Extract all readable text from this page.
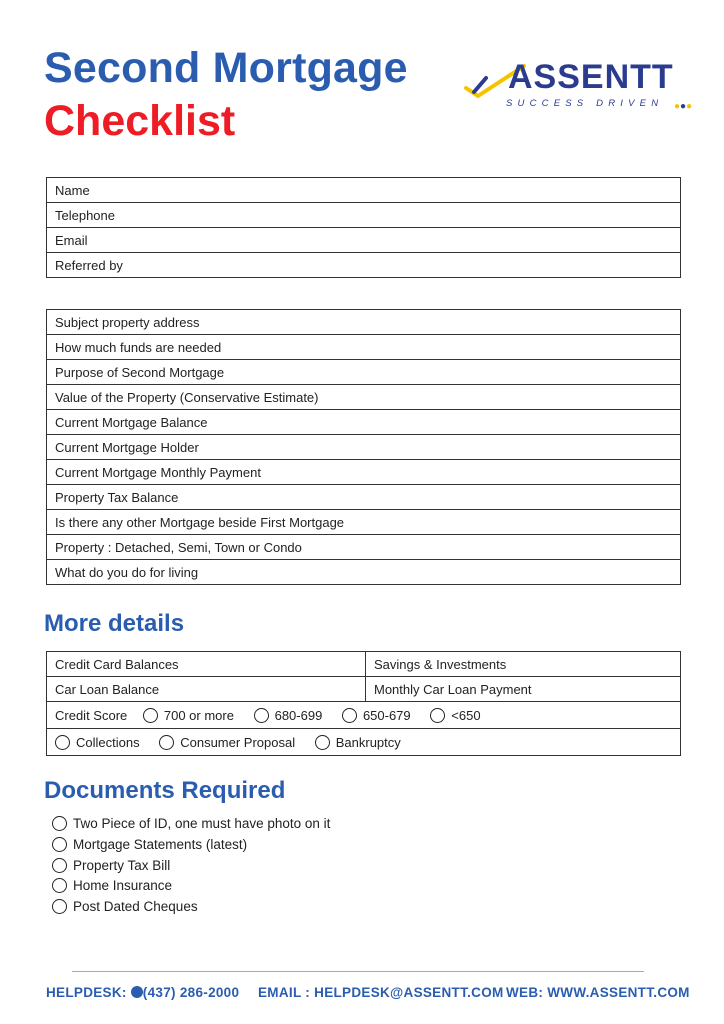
Second Mortgage
Checklist
ASSENTT
SUCCESS DRIVEN ●●●
Name
Telephone
Email
Referred by
Subject property address
How much funds are needed
Purpose of Second Mortgage
Value of the Property (Conservative Estimate)
Current Mortgage Balance
Current Mortgage Holder
Current Mortgage Monthly Payment
Property Tax Balance
Is there any other Mortgage beside First Mortgage
Property : Detached, Semi, Town or Condo
What do you do for living
More details
Credit Card Balances	Savings & Investments
Car Loan Balance	Monthly Car Loan Payment
Credit Score 700 or more 680-699 650-679 <650	
Collections Consumer Proposal Bankruptcy	
Documents Required
Two Piece of ID, one must have photo on it
Mortgage Statements (latest)
Property Tax Bill
Home Insurance
Post Dated Cheques
HELPDESK: (437) 286-2000 EMAIL : HELPDESK@ASSENTT.COM WEB: WWW.ASSENTT.COM
